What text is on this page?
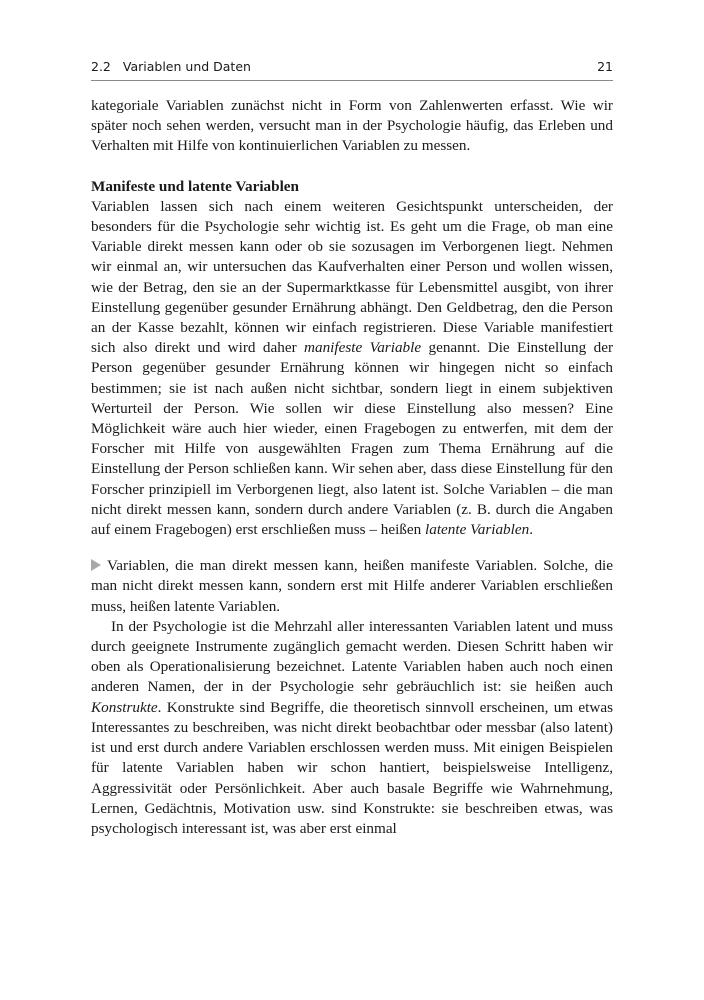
2.2 Variablen und Daten	21

kategoriale Variablen zunächst nicht in Form von Zahlenwerten erfasst. Wie wir später noch sehen werden, versucht man in der Psychologie häufig, das Erleben und Verhalten mit Hilfe von kontinuierlichen Variablen zu messen.

Manifeste und latente Variablen

Variablen lassen sich nach einem weiteren Gesichtspunkt unterscheiden, der besonders für die Psychologie sehr wichtig ist. Es geht um die Frage, ob man eine Variable direkt messen kann oder ob sie sozusagen im Verborgenen liegt. Nehmen wir einmal an, wir untersuchen das Kaufverhalten einer Person und wollen wissen, wie der Betrag, den sie an der Supermarktkasse für Lebensmittel ausgibt, von ihrer Einstellung gegenüber gesunder Ernährung abhängt. Den Geldbetrag, den die Person an der Kasse bezahlt, können wir einfach registrieren. Diese Variable manifestiert sich also direkt und wird daher manifeste Variable genannt. Die Einstellung der Person gegenüber gesunder Ernährung können wir hingegen nicht so einfach bestimmen; sie ist nach außen nicht sichtbar, sondern liegt in einem subjektiven Werturteil der Person. Wie sollen wir diese Einstellung also messen? Eine Möglichkeit wäre auch hier wieder, einen Fragebogen zu entwerfen, mit dem der Forscher mit Hilfe von ausgewählten Fragen zum Thema Ernährung auf die Einstellung der Person schließen kann. Wir sehen aber, dass diese Einstellung für den Forscher prinzipiell im Verborgenen liegt, also latent ist. Solche Variablen – die man nicht direkt messen kann, sondern durch andere Variablen (z. B. durch die Angaben auf einem Fragebogen) erst erschließen muss – heißen latente Variablen.

Variablen, die man direkt messen kann, heißen manifeste Variablen. Solche, die man nicht direkt messen kann, sondern erst mit Hilfe anderer Variablen erschließen muss, heißen latente Variablen.

In der Psychologie ist die Mehrzahl aller interessanten Variablen latent und muss durch geeignete Instrumente zugänglich gemacht werden. Diesen Schritt haben wir oben als Operationalisierung bezeichnet. Latente Variablen haben auch noch einen anderen Namen, der in der Psychologie sehr gebräuchlich ist: sie heißen auch Konstrukte. Konstrukte sind Begriffe, die theoretisch sinnvoll erscheinen, um etwas Interessantes zu beschreiben, was nicht direkt beobachtbar oder messbar (also latent) ist und erst durch andere Variablen erschlossen werden muss. Mit einigen Beispielen für latente Variablen haben wir schon hantiert, beispielsweise Intelligenz, Aggressivität oder Persönlichkeit. Aber auch basale Begriffe wie Wahrnehmung, Lernen, Gedächtnis, Motivation usw. sind Konstrukte: sie beschreiben etwas, was psychologisch interessant ist, was aber erst einmal
